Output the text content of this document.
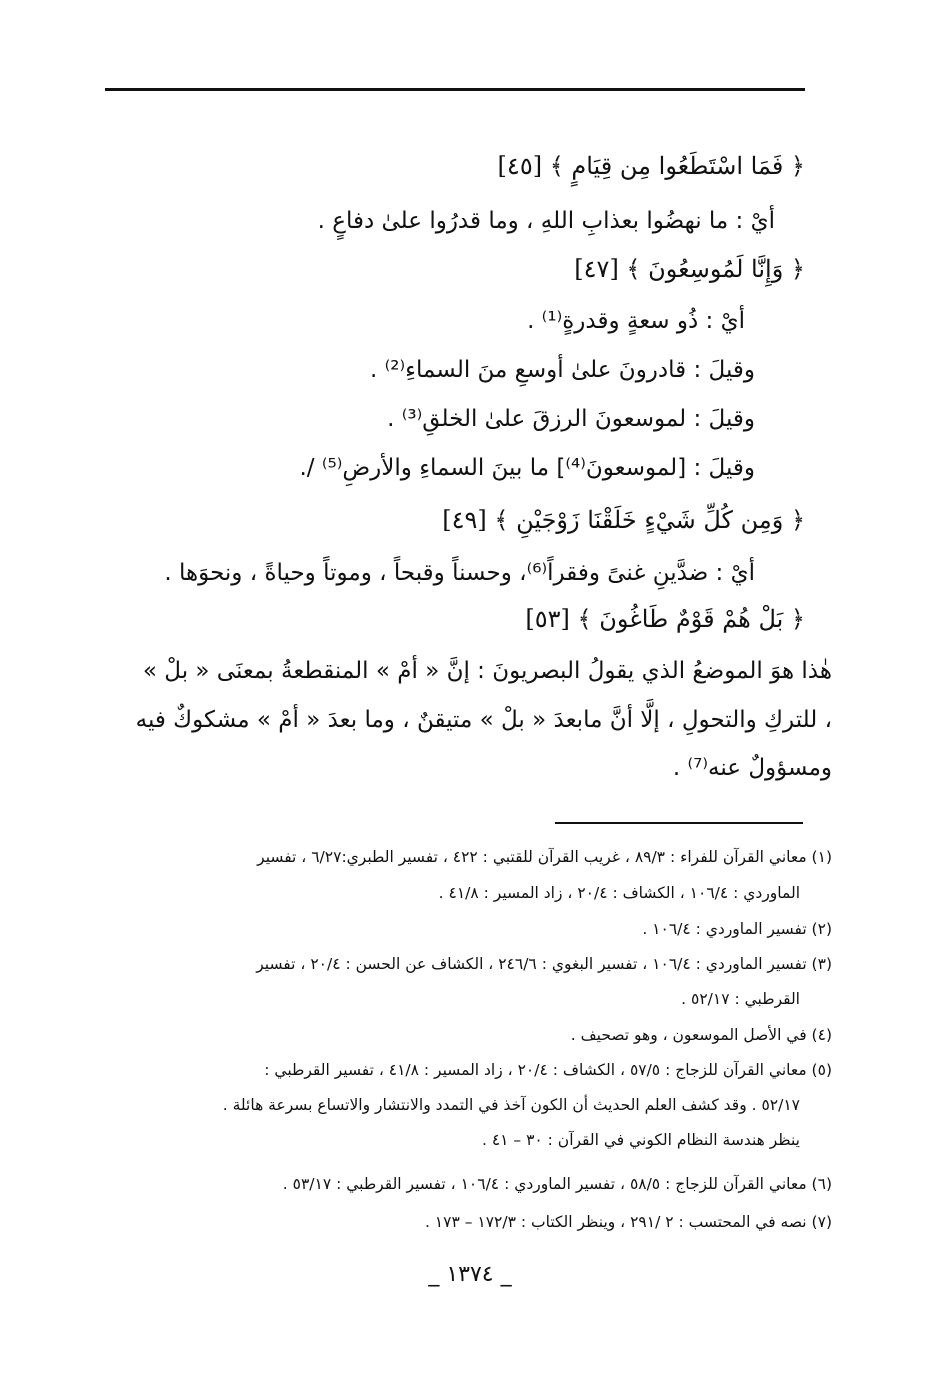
﴿ فَمَا اسْتَطَعُوا مِن قِيَامٍ ﴾ [٤٥]
أيْ : ما نهضُوا بعذابِ اللهِ ، وما قدرُوا علىٰ دفاعٍ .
﴿ وَإِنَّا لَمُوسِعُونَ ﴾ [٤٧]
أيْ : ذُو سعةٍ وقدرةٍ⁽¹⁾ .
وقيلَ : قادرونَ علىٰ أوسعِ منَ السماءِ⁽²⁾ .
وقيلَ : لموسعونَ الرزقَ علىٰ الخلقِ⁽³⁾ .
وقيلَ : [لموسعونَ⁽⁴⁾] ما بينَ السماءِ والأرضِ⁽⁵⁾ /.
﴿ وَمِن كُلِّ شَيْءٍ خَلَقْنَا زَوْجَيْنِ ﴾ [٤٩]
أيْ : ضدَّينِ غنىً وفقراً⁽⁶⁾، وحسناً وقبحاً ، وموتاً وحياةً ، ونحوَها .
﴿ بَلْ هُمْ قَوْمٌ طَاغُونَ ﴾ [٥٣]
هٰذا هوَ الموضعُ الذي يقولُ البصريونَ : إنَّ « أمْ » المنقطعةُ بمعنَى « بلْ »
، للتركِ والتحولِ ، إلَّا أنَّ مابعدَ « بلْ » متيقنٌ ، وما بعدَ « أمْ » مشكوكٌ فيه
ومسؤولٌ عنه⁽⁷⁾ .
(١) معاني القرآن للفراء : ٨٩/٣ ، غريب القرآن للقتبي : ٤٢٢ ، تفسير الطبري:٦/٢٧ ، تفسير
الماوردي : ١٠٦/٤ ، الكشاف : ٢٠/٤ ، زاد المسير : ٤١/٨ .
(٢) تفسير الماوردي : ١٠٦/٤ .
(٣) تفسير الماوردي : ١٠٦/٤ ، تفسير البغوي : ٢٤٦/٦ ، الكشاف عن الحسن : ٢٠/٤ ، تفسير
القرطبي : ٥٢/١٧ .
(٤) في الأصل الموسعون ، وهو تصحيف .
(٥) معاني القرآن للزجاج : ٥٧/٥ ، الكشاف : ٢٠/٤ ، زاد المسير : ٤١/٨ ، تفسير القرطبي :
٥٢/١٧ . وقد كشف العلم الحديث أن الكون آخذ في التمدد والانتشار والاتساع بسرعة هائلة .
ينظر هندسة النظام الكوني في القرآن : ٣٠ – ٤١ .
(٦) معاني القرآن للزجاج : ٥٨/٥ ، تفسير الماوردي : ١٠٦/٤ ، تفسير القرطبي : ٥٣/١٧ .
(٧) نصه في المحتسب : ٢ /٢٩١ ، وينظر الكتاب : ١٧٢/٣ – ١٧٣ .
_ ١٣٧٤ _
